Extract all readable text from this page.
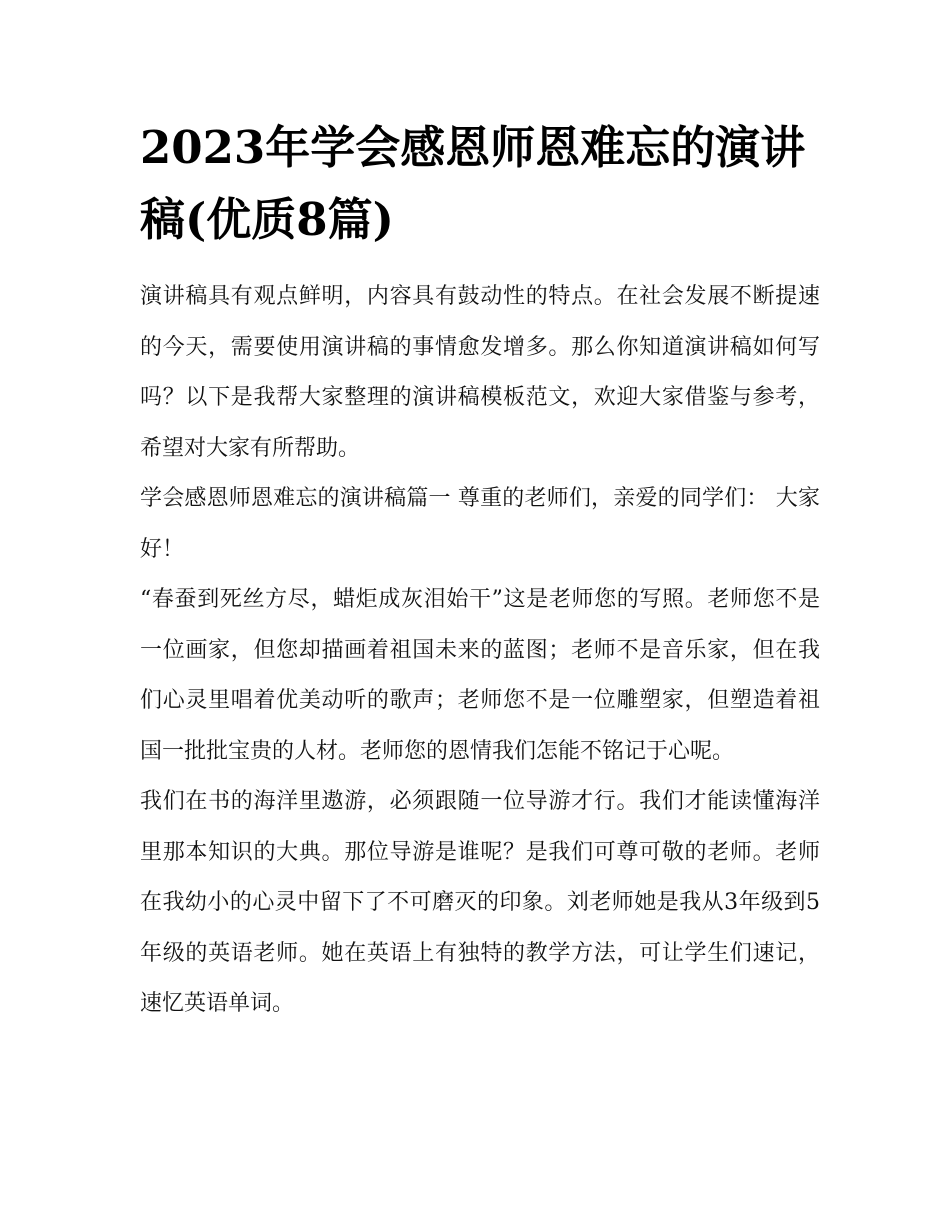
2023年学会感恩师恩难忘的演讲稿(优质8篇)

演讲稿具有观点鲜明，内容具有鼓动性的特点。在社会发展不断提速的今天，需要使用演讲稿的事情愈发增多。那么你知道演讲稿如何写吗？以下是我帮大家整理的演讲稿模板范文，欢迎大家借鉴与参考，希望对大家有所帮助。

学会感恩师恩难忘的演讲稿篇一 尊重的老师们，亲爱的同学们： 大家好！

“春蚕到死丝方尽，蜡炬成灰泪始干”这是老师您的写照。老师您不是一位画家，但您却描画着祖国未来的蓝图；老师不是音乐家，但在我们心灵里唱着优美动听的歌声；老师您不是一位雕塑家，但塑造着祖国一批批宝贵的人材。老师您的恩情我们怎能不铭记于心呢。

我们在书的海洋里遨游，必须跟随一位导游才行。我们才能读懂海洋里那本知识的大典。那位导游是谁呢？是我们可尊可敬的老师。老师在我幼小的心灵中留下了不可磨灭的印象。刘老师她是我从3年级到5年级的英语老师。她在英语上有独特的教学方法，可让学生们速记，速忆英语单词。
